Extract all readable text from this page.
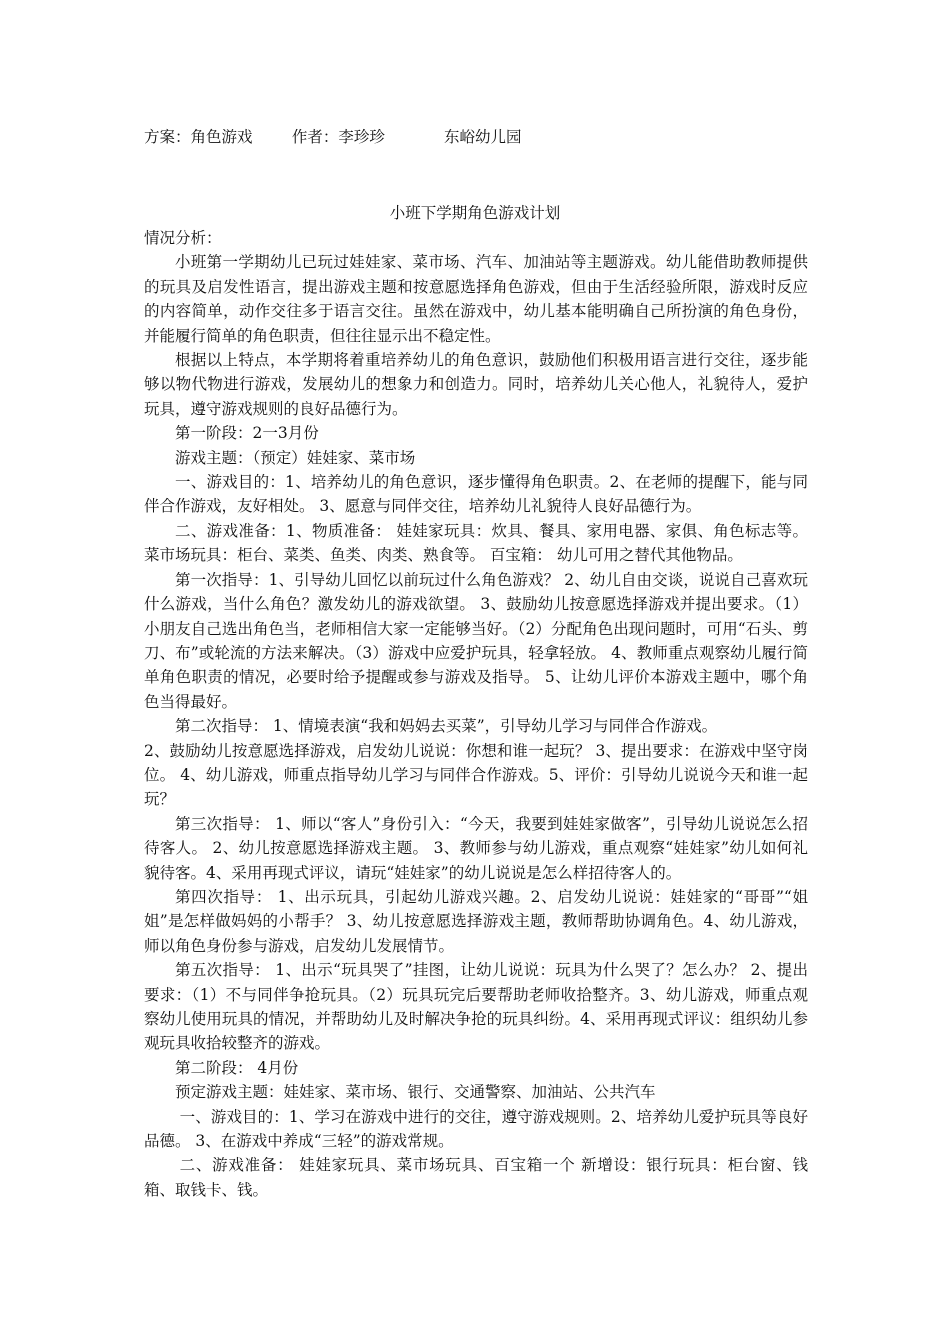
方案：角色游戏        作者：李珍珍            东峪幼儿园
小班下学期角色游戏计划

情况分析：

小班第一学期幼儿已玩过娃娃家、菜市场、汽车、加油站等主题游戏。幼儿能借助教师提供的玩具及启发性语言，提出游戏主题和按意愿选择角色游戏，但由于生活经验所限，游戏时反应的内容简单，动作交往多于语言交往。虽然在游戏中，幼儿基本能明确自己所扮演的角色身份，并能履行简单的角色职责，但往往显示出不稳定性。

根据以上特点，本学期将着重培养幼儿的角色意识，鼓励他们积极用语言进行交往，逐步能够以物代物进行游戏，发展幼儿的想象力和创造力。同时，培养幼儿关心他人，礼貌待人，爱护玩具，遵守游戏规则的良好品德行为。

第一阶段：2一3月份

游戏主题：（预定）娃娃家、菜市场

一、游戏目的：1、培养幼儿的角色意识，逐步懂得角色职责。2、在老师的提醒下，能与同伴合作游戏，友好相处。 3、愿意与同伴交往，培养幼儿礼貌待人良好品德行为。

二、游戏准备：1、物质准备： 娃娃家玩具：炊具、餐具、家用电器、家俱、角色标志等。菜市场玩具：柜台、菜类、鱼类、肉类、熟食等。 百宝箱： 幼儿可用之替代其他物品。

第一次指导：1、引导幼儿回忆以前玩过什么角色游戏？ 2、幼儿自由交谈，说说自己喜欢玩什么游戏，当什么角色？激发幼儿的游戏欲望。 3、鼓励幼儿按意愿选择游戏并提出要求。（1）小朋友自己选出角色当，老师相信大家一定能够当好。（2）分配角色出现问题时，可用“石头、剪刀、布”或轮流的方法来解决。（3）游戏中应爱护玩具，轻拿轻放。 4、教师重点观察幼儿履行简单角色职责的情况，必要时给予提醒或参与游戏及指导。 5、让幼儿评价本游戏主题中，哪个角色当得最好。

第二次指导： 1、情境表演“我和妈妈去买菜”，引导幼儿学习与同伴合作游戏。

2、鼓励幼儿按意愿选择游戏，启发幼儿说说：你想和谁一起玩？ 3、提出要求：在游戏中坚守岗位。 4、幼儿游戏，师重点指导幼儿学习与同伴合作游戏。5、评价：引导幼儿说说今天和谁一起玩？

第三次指导： 1、师以“客人”身份引入：“今天，我要到娃娃家做客”，引导幼儿说说怎么招待客人。 2、幼儿按意愿选择游戏主题。 3、教师参与幼儿游戏，重点观察“娃娃家”幼儿如何礼貌待客。4、采用再现式评议，请玩“娃娃家”的幼儿说说是怎么样招待客人的。

第四次指导： 1、出示玩具，引起幼儿游戏兴趣。2、启发幼儿说说：娃娃家的“哥哥”“姐姐”是怎样做妈妈的小帮手？ 3、幼儿按意愿选择游戏主题，教师帮助协调角色。4、幼儿游戏，师以角色身份参与游戏，启发幼儿发展情节。

第五次指导： 1、出示“玩具哭了”挂图，让幼儿说说：玩具为什么哭了？怎么办？ 2、提出要求：（1）不与同伴争抢玩具。（2）玩具玩完后要帮助老师收拾整齐。3、幼儿游戏，师重点观察幼儿使用玩具的情况，并帮助幼儿及时解决争抢的玩具纠纷。4、采用再现式评议：组织幼儿参观玩具收拾较整齐的游戏。

第二阶段： 4月份

预定游戏主题：娃娃家、菜市场、银行、交通警察、加油站、公共汽车

一、游戏目的：1、学习在游戏中进行的交往，遵守游戏规则。2、培养幼儿爱护玩具等良好品德。 3、在游戏中养成“三轻”的游戏常规。

二、游戏准备： 娃娃家玩具、菜市场玩具、百宝箱一个 新增设：银行玩具：柜台窗、钱箱、取钱卡、钱。
